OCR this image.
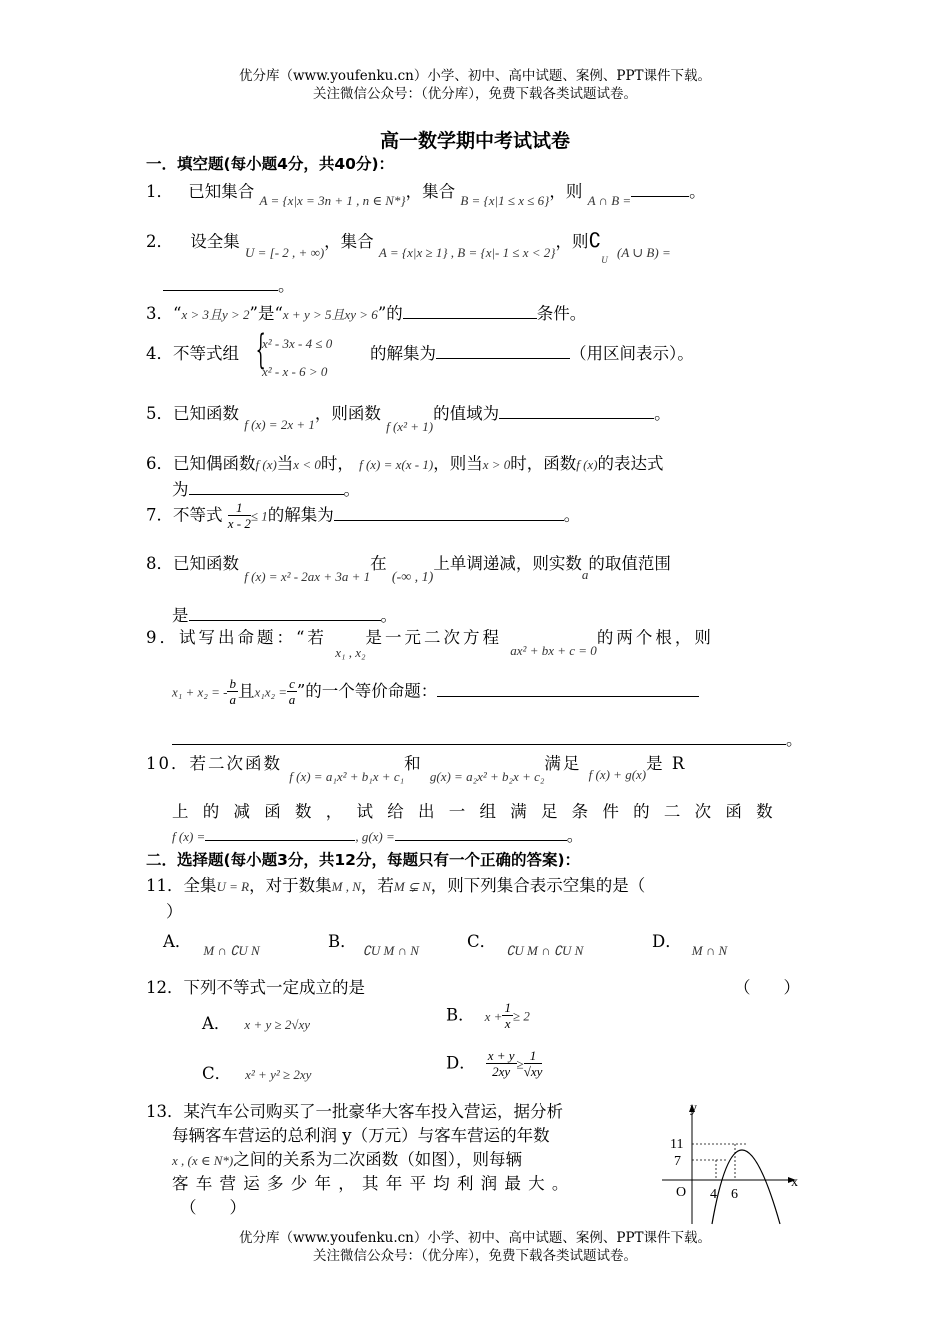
优分库（www.youfenku.cn）小学、初中、高中试题、案例、PPT课件下载。
关注微信公众号：（优分库），免费下载各类试题试卷。
高一数学期中考试试卷
一．填空题(每小题4分，共40分)：
1． 已知集合 $_{A = \{x|x = 3n + 1 , n \in N*\}}$，集合 $_{B = \{x|1 \le x \le 6\}}$，则 $_{A \cap B =}$	。
2． 设全集 $_{U = [- 2 , + \infty)}$，集合 $_{A = \{x|x \ge 1\} , B = \{x|- 1 \le x < 2\}}$，则$∁_U$ $_{(A \cup B) =}$
。
3．“x > 3且y > 2”是“x + y > 5且xy > 6”的	条件。
4．不等式组 {
x² - 3x - 4 ≤ 0
x² - x - 6 > 0
的解集为	（用区间表示）。
5．已知函数 $_{f (x) = 2x + 1}$，则函数 $_{f (x^2 + 1)}$的值域为	。
6．已知偶函数f (x)当x < 0时， f (x) = x(x - 1)，则当x > 0时，函数f (x)的表达式
为	。
7．不等式 $\frac{1}{x - 2} \le 1$的解集为	。
8．已知函数 $_{f (x) = x^2 - 2ax + 3a + 1}$在 $_{(-\infty , 1)}$上单调递减，则实数$_a$的取值范围
是	。
9．试写出命题：“若 $_{x_1 , x_2}$是一元二次方程 $_{ax^2 + bx + c = 0}$的两个根，则
x₁ + x₂ = - $\frac{b}{a}$ 且$x_1x_2 = \frac{c}{a}$ ”的一个等价命题：
。
10．若二次函数 $_{f (x) = a_1x^2 + b_1x + c_1}$和 $_{g(x) = a_2x^2 + b_2x + c_2}$满足 $_{f (x) + g(x)}$是 R
上 的 减 函 数 ， 试 给 出 一 组 满 足 条 件 的 二 次 函 数
f (x) =	, g(x) =	。
二．选择题(每小题3分，共12分，每题只有一个正确的答案)：
11．全集U = R，对于数集M , N，若M ⊊ N，则下列集合表示空集的是（
）
A． $_{M \cap ∁U N}$	B． $_{∁U M \cap N}$	C． $_{∁U M \cap ∁U N}$	D． $_{M \cap N}$
12．下列不等式一定成立的是	（　　）
A． x + y ≥ 2√xy	B． $x + \frac{1}{x} \ge 2$
C． x² + y² ≥ 2xy
D． $\frac{x + y}{2xy} \ge \frac{1}{√xy}$
13．某汽车公司购买了一批豪华大客车投入营运，据分析
每辆客车营运的总利润 y（万元）与客车营运的年数
x , (x ∈ N*)之间的关系为二次函数（如图），则每辆
客 车 营 运 多 少 年 ， 其 年 平 均 利 润 最 大 。
（　　）
y
x
O
11
7
4 6
优分库（www.youfenku.cn）小学、初中、高中试题、案例、PPT课件下载。
关注微信公众号：（优分库），免费下载各类试题试卷。
